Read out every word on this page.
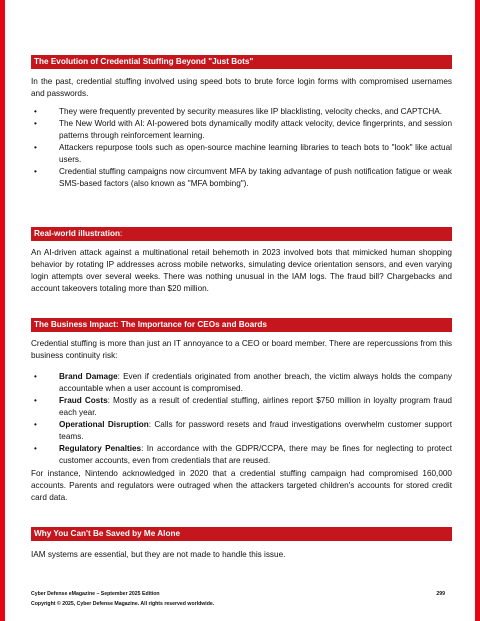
The Evolution of Credential Stuffing Beyond "Just Bots"

In the past, credential stuffing involved using speed bots to brute force login forms with compromised usernames and passwords.

•	They were frequently prevented by security measures like IP blacklisting, velocity checks, and CAPTCHA.
•	The New World with AI: AI-powered bots dynamically modify attack velocity, device fingerprints, and session patterns through reinforcement learning.
•	Attackers repurpose tools such as open-source machine learning libraries to teach bots to "look" like actual users.
•	Credential stuffing campaigns now circumvent MFA by taking advantage of push notification fatigue or weak SMS-based factors (also known as "MFA bombing").
Real-world illustration:

An AI-driven attack against a multinational retail behemoth in 2023 involved bots that mimicked human shopping behavior by rotating IP addresses across mobile networks, simulating device orientation sensors, and even varying login attempts over several weeks. There was nothing unusual in the IAM logs. The fraud bill? Chargebacks and account takeovers totaling more than $20 million.

The Business Impact: The Importance for CEOs and Boards

Credential stuffing is more than just an IT annoyance to a CEO or board member. There are repercussions from this business continuity risk:

•	Brand Damage: Even if credentials originated from another breach, the victim always holds the company accountable when a user account is compromised.
•	Fraud Costs: Mostly as a result of credential stuffing, airlines report $750 million in loyalty program fraud each year.
•	Operational Disruption: Calls for password resets and fraud investigations overwhelm customer support teams.
•	Regulatory Penalties: In accordance with the GDPR/CCPA, there may be fines for neglecting to protect customer accounts, even from credentials that are reused.

For instance, Nintendo acknowledged in 2020 that a credential stuffing campaign had compromised 160,000 accounts. Parents and regulators were outraged when the attackers targeted children's accounts for stored credit card data.

Why You Can't Be Saved by Me Alone

IAM systems are essential, but they are not made to handle this issue.

Cyber Defense eMagazine – September 2025 Edition
Copyright © 2025, Cyber Defense Magazine. All rights reserved worldwide.
299
